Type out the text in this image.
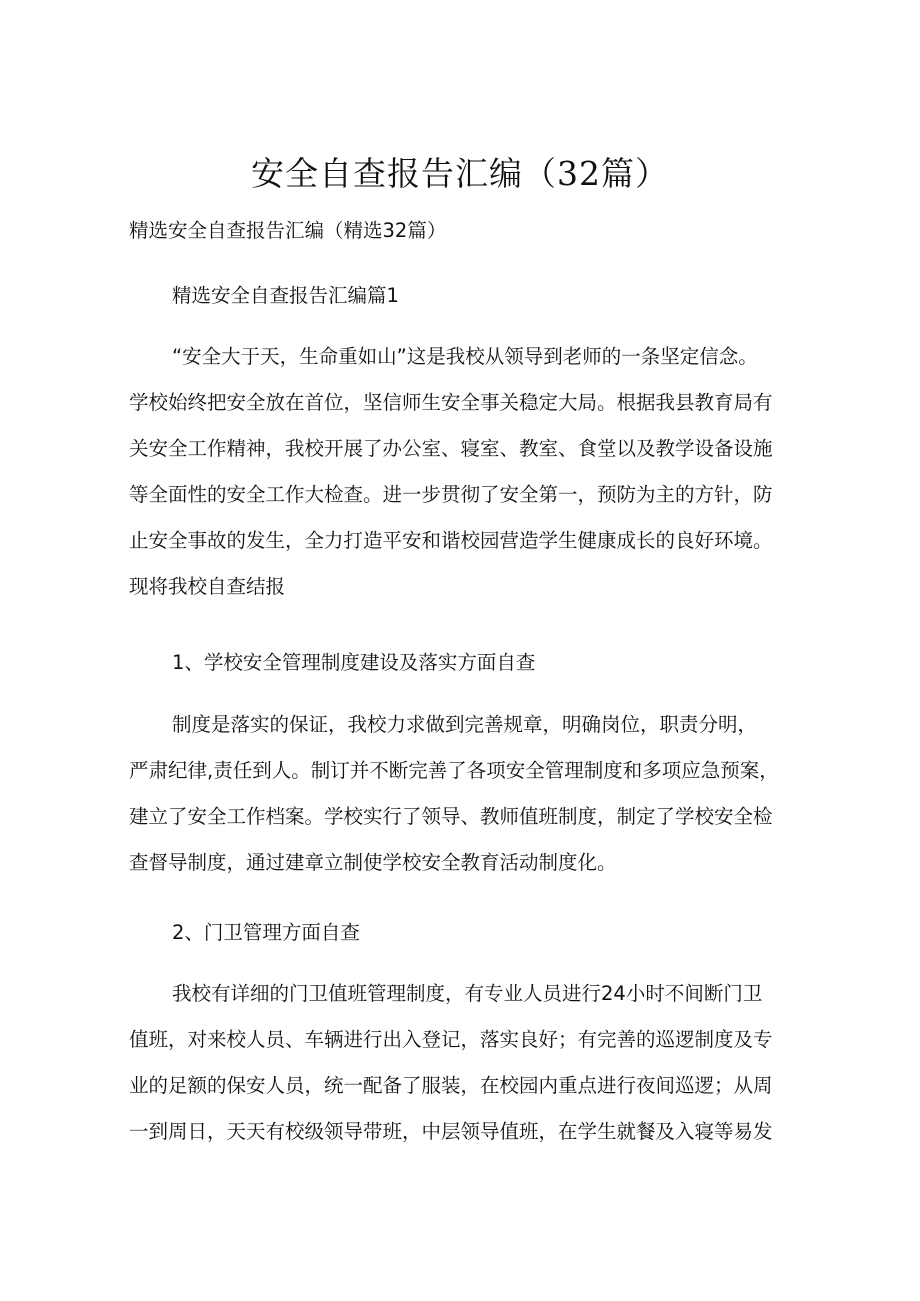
安全自查报告汇编（32篇）
精选安全自查报告汇编（精选32篇）
精选安全自查报告汇编篇1
“安全大于天，生命重如山”这是我校从领导到老师的一条坚定信念。
学校始终把安全放在首位，坚信师生安全事关稳定大局。根据我县教育局有
关安全工作精神，我校开展了办公室、寝室、教室、食堂以及教学设备设施
等全面性的安全工作大检查。进一步贯彻了安全第一，预防为主的方针，防
止安全事故的发生，全力打造平安和谐校园营造学生健康成长的良好环境。
现将我校自查结报
1、学校安全管理制度建设及落实方面自查
制度是落实的保证，我校力求做到完善规章，明确岗位，职责分明，
严肃纪律,责任到人。制订并不断完善了各项安全管理制度和多项应急预案，
建立了安全工作档案。学校实行了领导、教师值班制度，制定了学校安全检
查督导制度，通过建章立制使学校安全教育活动制度化。
2、门卫管理方面自查
我校有详细的门卫值班管理制度，有专业人员进行24小时不间断门卫
值班，对来校人员、车辆进行出入登记，落实良好；有完善的巡逻制度及专
业的足额的保安人员，统一配备了服装，在校园内重点进行夜间巡逻；从周
一到周日，天天有校级领导带班，中层领导值班，在学生就餐及入寝等易发
